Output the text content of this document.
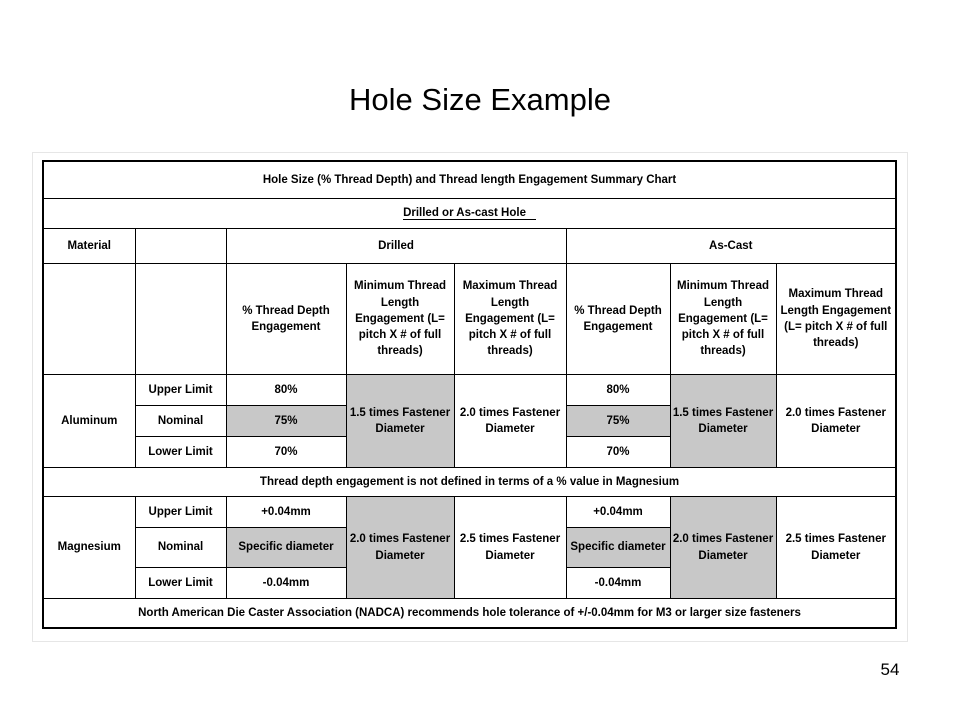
Hole Size Example
Hole Size (% Thread Depth) and Thread length Engagement Summary Chart							
Drilled or As-cast Hole							
Material		Drilled			As-Cast		
		% Thread Depth Engagement	Minimum Thread Length Engagement (L= pitch X # of full threads)	Maximum Thread Length Engagement (L= pitch X # of full threads)	% Thread Depth Engagement	Minimum Thread Length Engagement (L= pitch X # of full threads)	Maximum Thread Length Engagement (L= pitch X # of full threads)
Aluminum	Upper Limit	80%	1.5 times Fastener Diameter	2.0 times Fastener Diameter	80%	1.5 times Fastener Diameter	2.0 times Fastener Diameter
	Nominal	75%			75%		
	Lower Limit	70%			70%		
Thread depth engagement is not defined in terms of a % value in Magnesium							
Magnesium	Upper Limit	+0.04mm	2.0 times Fastener Diameter	2.5 times Fastener Diameter	+0.04mm	2.0 times Fastener Diameter	2.5 times Fastener Diameter
	Nominal	Specific diameter			Specific diameter		
	Lower Limit	-0.04mm			-0.04mm		
North American Die Caster Association (NADCA) recommends hole tolerance of +/-0.04mm for M3 or larger size fasteners							
54
